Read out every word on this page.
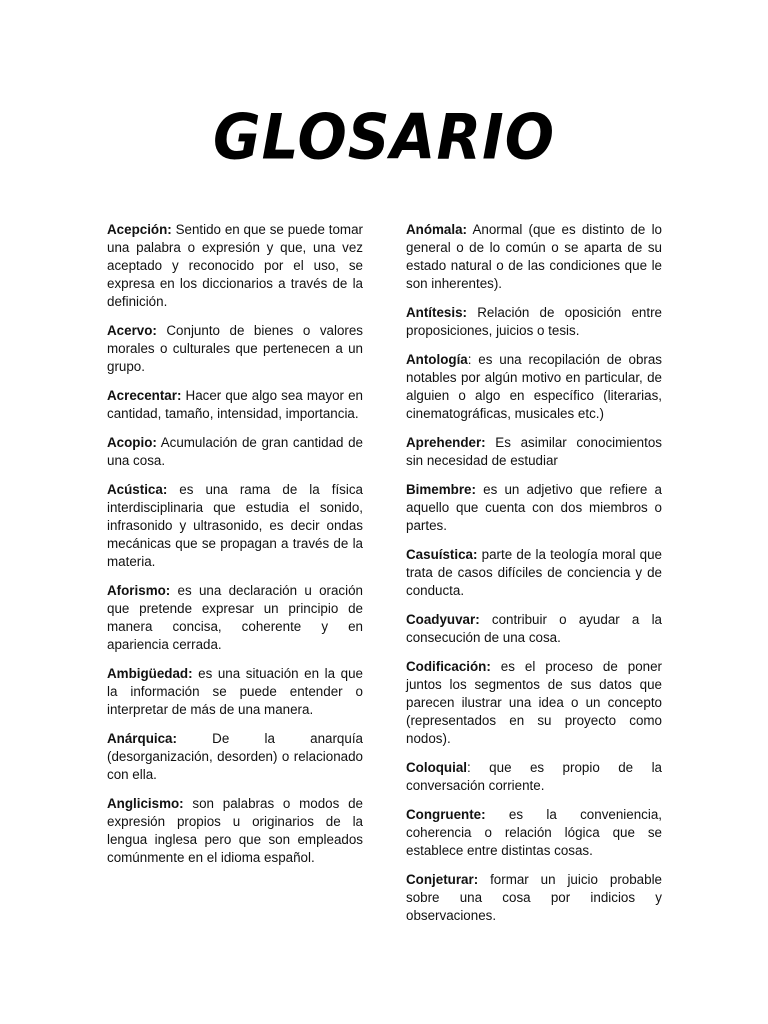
GLOSARIO

Acepción: Sentido en que se puede tomar una palabra o expresión y que, una vez aceptado y reconocido por el uso, se expresa en los diccionarios a través de la definición.

Acervo: Conjunto de bienes o valores morales o culturales que pertenecen a un grupo.

Acrecentar: Hacer que algo sea mayor en cantidad, tamaño, intensidad, importancia.

Acopio: Acumulación de gran cantidad de una cosa.

Acústica: es una rama de la física interdisciplinaria que estudia el sonido, infrasonido y ultrasonido, es decir ondas mecánicas que se propagan a través de la materia.

Aforismo: es una declaración u oración que pretende expresar un principio de manera concisa, coherente y en apariencia cerrada.

Ambigüedad: es una situación en la que la información se puede entender o interpretar de más de una manera.

Anárquica: De la anarquía (desorganización, desorden) o relacionado con ella.

Anglicismo: son palabras o modos de expresión propios u originarios de la lengua inglesa pero que son empleados comúnmente en el idioma español.

Anómala: Anormal (que es distinto de lo general o de lo común o se aparta de su estado natural o de las condiciones que le son inherentes).

Antítesis: Relación de oposición entre proposiciones, juicios o tesis.

Antología: es una recopilación de obras notables por algún motivo en particular, de alguien o algo en específico (literarias, cinematográficas, musicales etc.)

Aprehender: Es asimilar conocimientos sin necesidad de estudiar

Bimembre: es un adjetivo que refiere a aquello que cuenta con dos miembros o partes.

Casuística: parte de la teología moral que trata de casos difíciles de conciencia y de conducta.

Coadyuvar: contribuir o ayudar a la consecución de una cosa.

Codificación: es el proceso de poner juntos los segmentos de sus datos que parecen ilustrar una idea o un concepto (representados en su proyecto como nodos).

Coloquial: que es propio de la conversación corriente.

Congruente: es la conveniencia, coherencia o relación lógica que se establece entre distintas cosas.

Conjeturar: formar un juicio probable sobre una cosa por indicios y observaciones.
